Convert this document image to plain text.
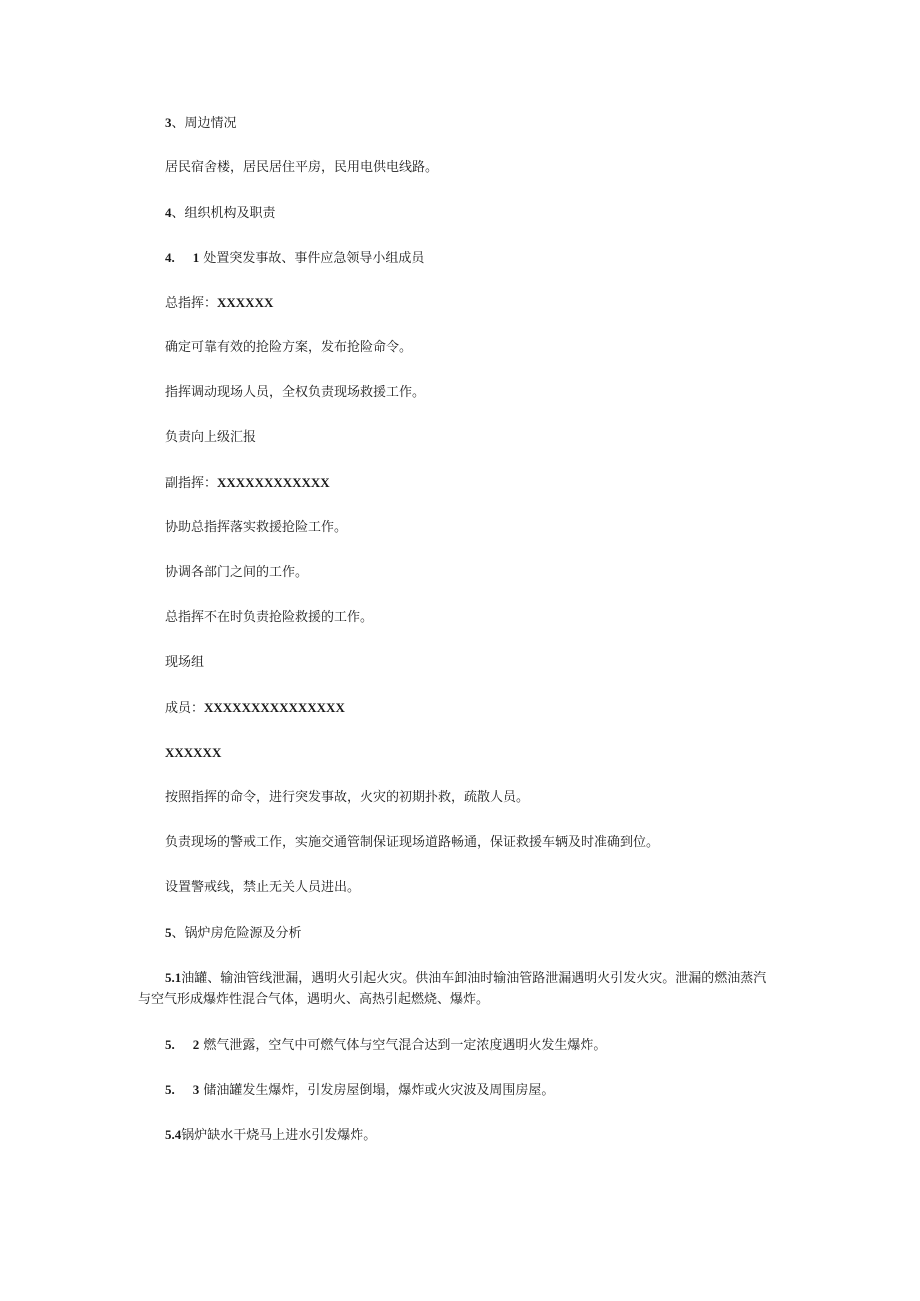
3、周边情况
居民宿舍楼，居民居住平房，民用电供电线路。
4、组织机构及职责
4. 1 处置突发事故、事件应急领导小组成员
总指挥：XXXXXX
确定可靠有效的抢险方案，发布抢险命令。
指挥调动现场人员，全权负责现场救援工作。
负责向上级汇报
副指挥：XXXXXXXXXXXX
协助总指挥落实救援抢险工作。
协调各部门之间的工作。
总指挥不在时负责抢险救援的工作。
现场组
成员：XXXXXXXXXXXXXXX
XXXXXX
按照指挥的命令，进行突发事故，火灾的初期扑救，疏散人员。
负责现场的警戒工作，实施交通管制保证现场道路畅通，保证救援车辆及时准确到位。
设置警戒线，禁止无关人员进出。
5、锅炉房危险源及分析
5.1油罐、输油管线泄漏，遇明火引起火灾。供油车卸油时输油管路泄漏遇明火引发火灾。泄漏的燃油蒸汽
与空气形成爆炸性混合气体，遇明火、高热引起燃烧、爆炸。
5. 2 燃气泄露，空气中可燃气体与空气混合达到一定浓度遇明火发生爆炸。
5. 3 储油罐发生爆炸，引发房屋倒塌，爆炸或火灾波及周围房屋。
5.4锅炉缺水干烧马上进水引发爆炸。
